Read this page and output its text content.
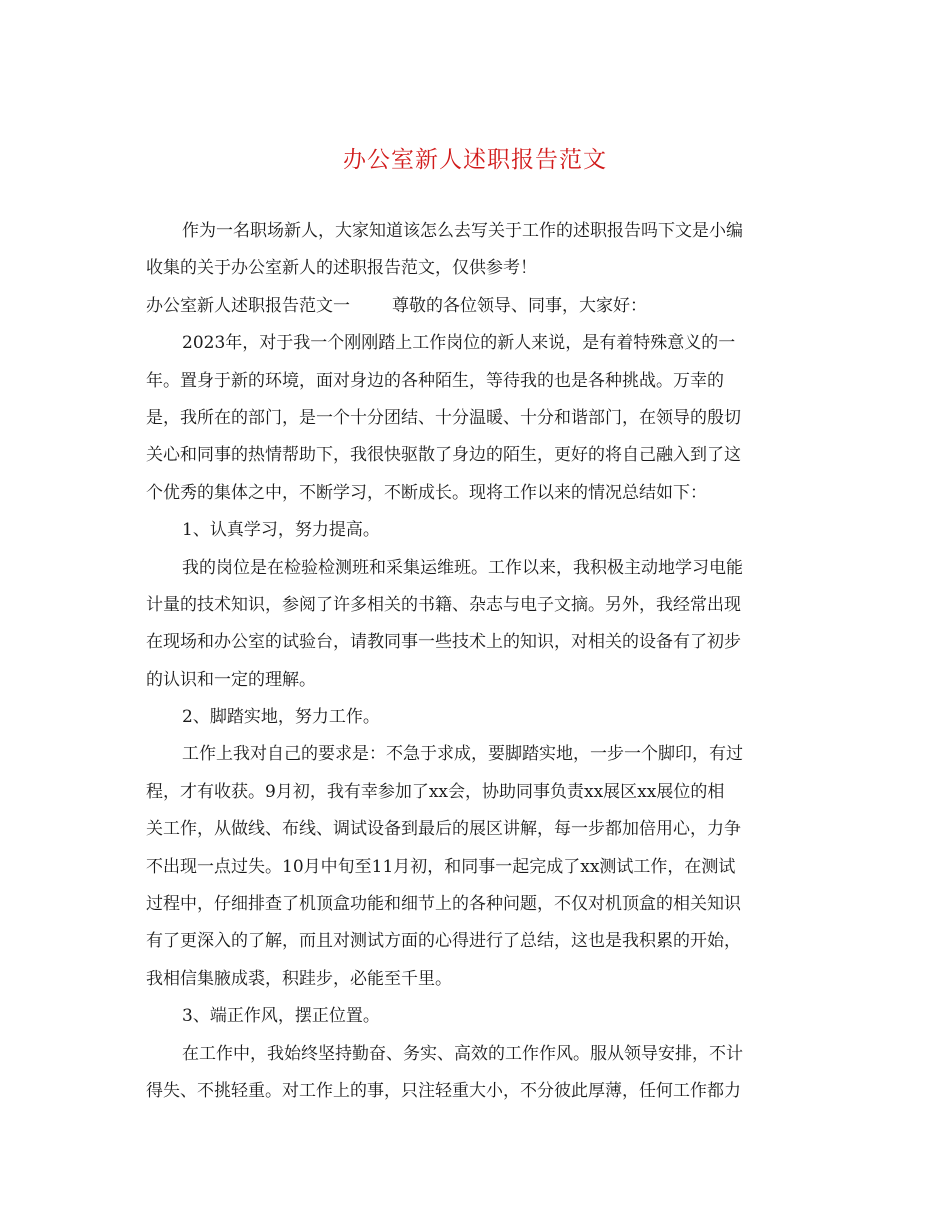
办公室新人述职报告范文
作为一名职场新人，大家知道该怎么去写关于工作的述职报告吗下文是小编
收集的关于办公室新人的述职报告范文，仅供参考！
办公室新人述职报告范文一 尊敬的各位领导、同事，大家好：
2023年，对于我一个刚刚踏上工作岗位的新人来说，是有着特殊意义的一
年。置身于新的环境，面对身边的各种陌生，等待我的也是各种挑战。万幸的
是，我所在的部门，是一个十分团结、十分温暖、十分和谐部门，在领导的殷切
关心和同事的热情帮助下，我很快驱散了身边的陌生，更好的将自己融入到了这
个优秀的集体之中，不断学习，不断成长。现将工作以来的情况总结如下：
1、认真学习，努力提高。
我的岗位是在检验检测班和采集运维班。工作以来，我积极主动地学习电能
计量的技术知识，参阅了许多相关的书籍、杂志与电子文摘。另外，我经常出现
在现场和办公室的试验台，请教同事一些技术上的知识，对相关的设备有了初步
的认识和一定的理解。
2、脚踏实地，努力工作。
工作上我对自己的要求是：不急于求成，要脚踏实地，一步一个脚印，有过
程，才有收获。9月初，我有幸参加了xx会，协助同事负责xx展区xx展位的相
关工作，从做线、布线、调试设备到最后的展区讲解，每一步都加倍用心，力争
不出现一点过失。10月中旬至11月初，和同事一起完成了xx测试工作，在测试
过程中，仔细排查了机顶盒功能和细节上的各种问题，不仅对机顶盒的相关知识
有了更深入的了解，而且对测试方面的心得进行了总结，这也是我积累的开始，
我相信集腋成裘，积跬步，必能至千里。
3、端正作风，摆正位置。
在工作中，我始终坚持勤奋、务实、高效的工作作风。服从领导安排，不计
得失、不挑轻重。对工作上的事，只注轻重大小，不分彼此厚薄，任何工作都力
